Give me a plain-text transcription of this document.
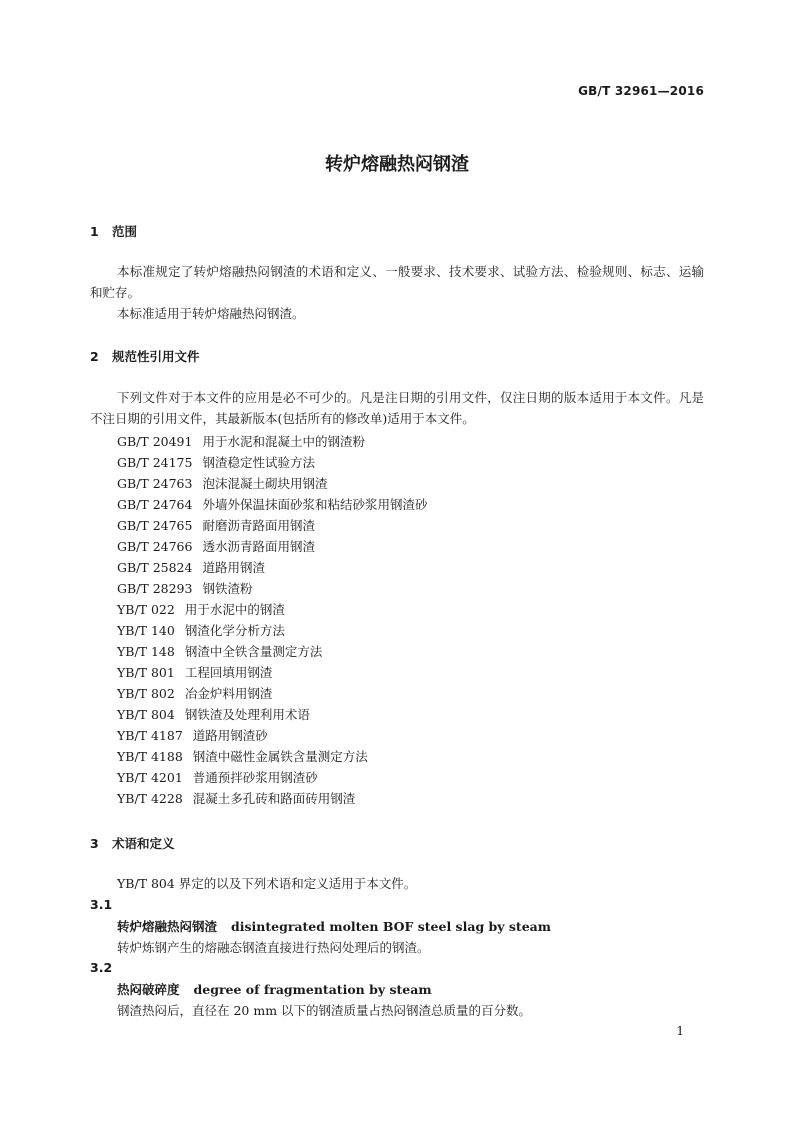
GB/T 32961—2016
转炉熔融热闷钢渣
1 范围
本标准规定了转炉熔融热闷钢渣的术语和定义、一般要求、技术要求、试验方法、检验规则、标志、运输和贮存。
本标准适用于转炉熔融热闷钢渣。
2 规范性引用文件
下列文件对于本文件的应用是必不可少的。凡是注日期的引用文件，仅注日期的版本适用于本文件。凡是不注日期的引用文件，其最新版本(包括所有的修改单)适用于本文件。
GB/T 20491 用于水泥和混凝土中的钢渣粉
GB/T 24175 钢渣稳定性试验方法
GB/T 24763 泡沫混凝土砌块用钢渣
GB/T 24764 外墙外保温抹面砂浆和粘结砂浆用钢渣砂
GB/T 24765 耐磨沥青路面用钢渣
GB/T 24766 透水沥青路面用钢渣
GB/T 25824 道路用钢渣
GB/T 28293 钢铁渣粉
YB/T 022 用于水泥中的钢渣
YB/T 140 钢渣化学分析方法
YB/T 148 钢渣中全铁含量测定方法
YB/T 801 工程回填用钢渣
YB/T 802 冶金炉料用钢渣
YB/T 804 钢铁渣及处理利用术语
YB/T 4187 道路用钢渣砂
YB/T 4188 钢渣中磁性金属铁含量测定方法
YB/T 4201 普通预拌砂浆用钢渣砂
YB/T 4228 混凝土多孔砖和路面砖用钢渣
3 术语和定义
YB/T 804 界定的以及下列术语和定义适用于本文件。
3.1
转炉熔融热闷钢渣 disintegrated molten BOF steel slag by steam
转炉炼钢产生的熔融态钢渣直接进行热闷处理后的钢渣。
3.2
热闷破碎度 degree of fragmentation by steam
钢渣热闷后，直径在 20 mm 以下的钢渣质量占热闷钢渣总质量的百分数。
1
